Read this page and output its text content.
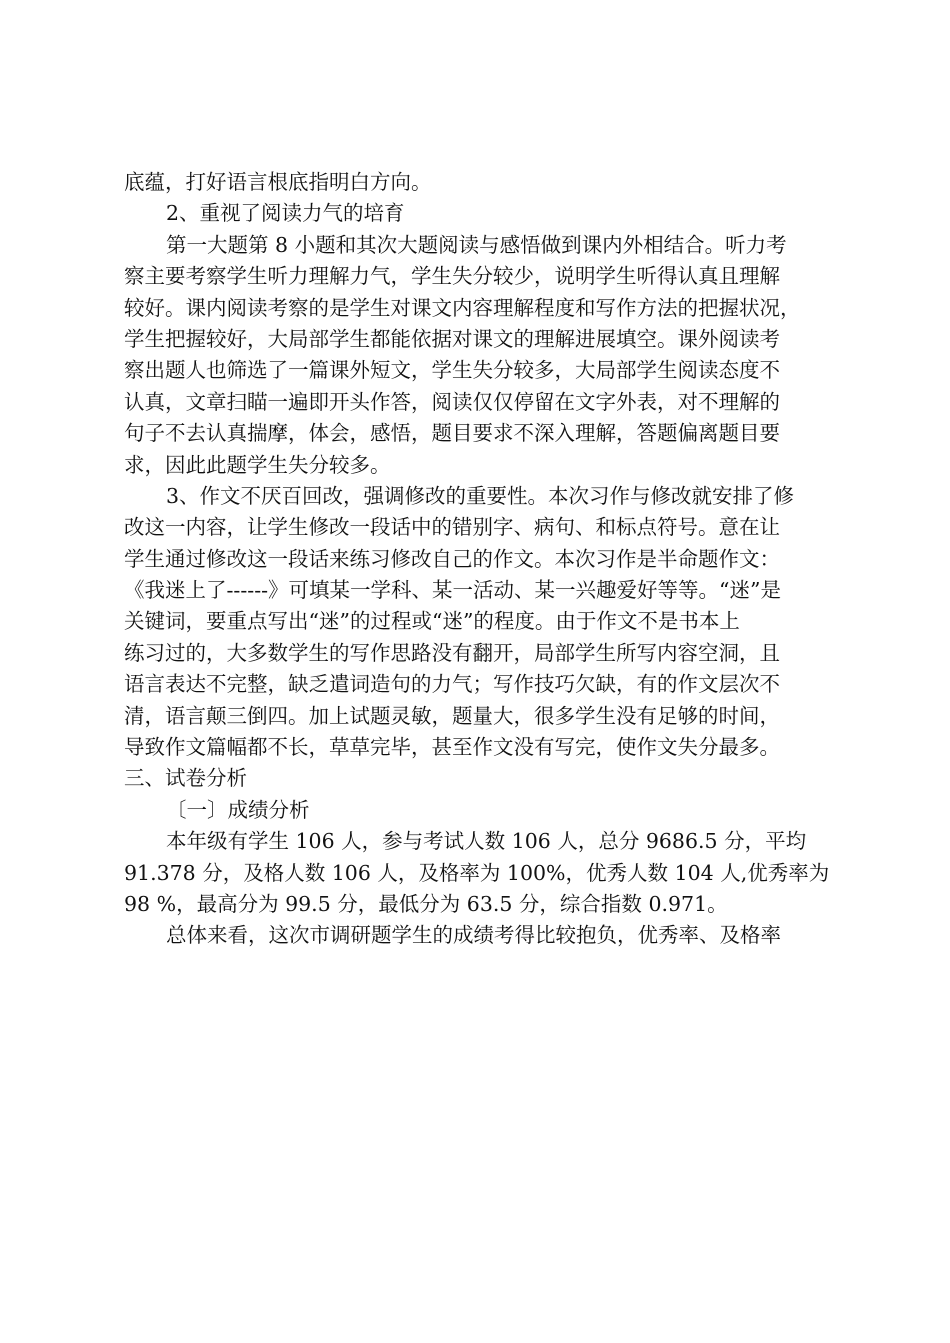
底蕴，打好语言根底指明白方向。
2、重视了阅读力气的培育
第一大题第 8 小题和其次大题阅读与感悟做到课内外相结合。听力考
察主要考察学生听力理解力气，学生失分较少，说明学生听得认真且理解
较好。课内阅读考察的是学生对课文内容理解程度和写作方法的把握状况，
学生把握较好，大局部学生都能依据对课文的理解进展填空。课外阅读考
察出题人也筛选了一篇课外短文，学生失分较多，大局部学生阅读态度不
认真，文章扫瞄一遍即开头作答，阅读仅仅停留在文字外表，对不理解的
句子不去认真揣摩，体会，感悟，题目要求不深入理解，答题偏离题目要
求，因此此题学生失分较多。
3、作文不厌百回改，强调修改的重要性。本次习作与修改就安排了修
改这一内容，让学生修改一段话中的错别字、病句、和标点符号。意在让
学生通过修改这一段话来练习修改自己的作文。本次习作是半命题作文：
《我迷上了------》可填某一学科、某一活动、某一兴趣爱好等等。“迷”是
关键词，要重点写出“迷”的过程或“迷”的程度。由于作文不是书本上
练习过的，大多数学生的写作思路没有翻开，局部学生所写内容空洞，且
语言表达不完整，缺乏遣词造句的力气；写作技巧欠缺，有的作文层次不
清，语言颠三倒四。加上试题灵敏，题量大，很多学生没有足够的时间，
导致作文篇幅都不长，草草完毕，甚至作文没有写完，使作文失分最多。
三、试卷分析
〔一〕成绩分析
本年级有学生 106 人，参与考试人数 106 人，总分 9686.5 分，平均
91.378 分，及格人数 106 人，及格率为 100%，优秀人数 104 人,优秀率为
98 %，最高分为 99.5 分，最低分为 63.5 分，综合指数 0.971。
总体来看，这次市调研题学生的成绩考得比较抱负，优秀率、及格率
